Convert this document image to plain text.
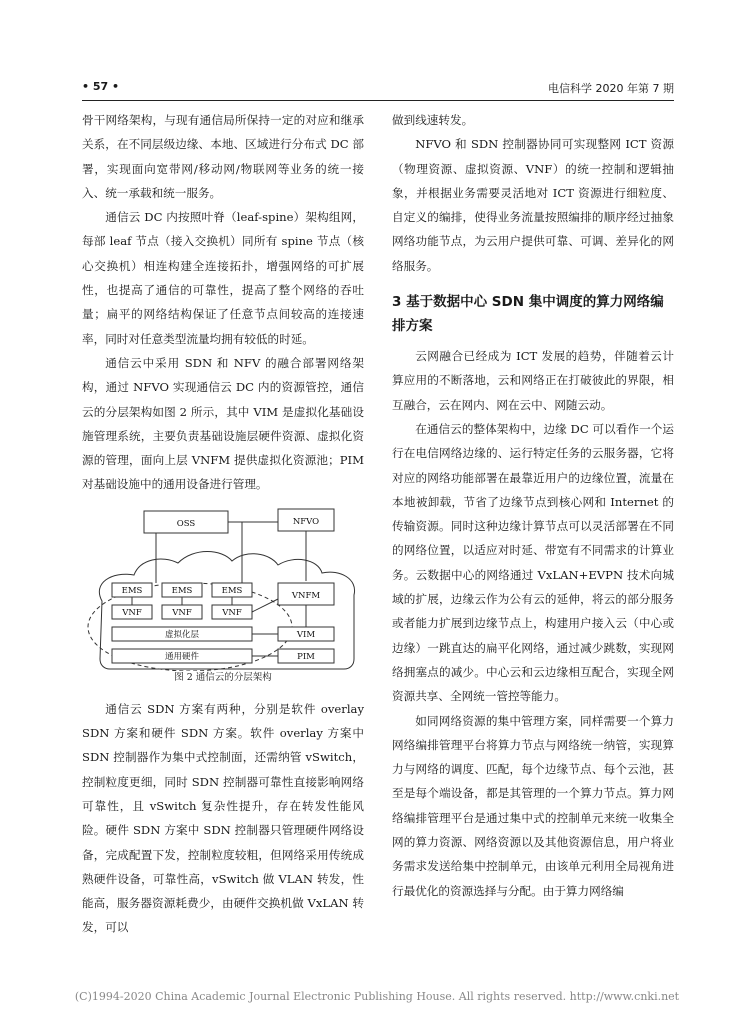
• 57 •	电信科学 2020 年第 7 期

骨干网络架构，与现有通信局所保持一定的对应和继承关系，在不同层级边缘、本地、区域进行分布式 DC 部署，实现面向宽带网/移动网/物联网等业务的统一接入、统一承载和统一服务。

通信云 DC 内按照叶脊（leaf-spine）架构组网，每部 leaf 节点（接入交换机）同所有 spine 节点（核心交换机）相连构建全连接拓扑，增强网络的可扩展性，也提高了通信的可靠性，提高了整个网络的吞吐量；扁平的网络结构保证了任意节点间较高的连接速率，同时对任意类型流量均拥有较低的时延。

通信云中采用 SDN 和 NFV 的融合部署网络架构，通过 NFVO 实现通信云 DC 内的资源管控，通信云的分层架构如图 2 所示，其中 VIM 是虚拟化基础设施管理系统，主要负责基础设施层硬件资源、虚拟化资源的管理，面向上层 VNFM 提供虚拟化资源池；PIM 对基础设施中的通用设备进行管理。

OSS	NFVO
EMS	EMS	EMS
VNF	VNF	VNF
VNFM
虚拟化层	VIM
通用硬件	PIM
图 2 通信云的分层架构

通信云 SDN 方案有两种，分别是软件 overlay SDN 方案和硬件 SDN 方案。软件 overlay 方案中 SDN 控制器作为集中式控制面，还需纳管 vSwitch，控制粒度更细，同时 SDN 控制器可靠性直接影响网络可靠性，且 vSwitch 复杂性提升，存在转发性能风险。硬件 SDN 方案中 SDN 控制器只管理硬件网络设备，完成配置下发，控制粒度较粗，但网络采用传统成熟硬件设备，可靠性高，vSwitch 做 VLAN 转发，性能高，服务器资源耗费少，由硬件交换机做 VxLAN 转发，可以

做到线速转发。

NFVO 和 SDN 控制器协同可实现整网 ICT 资源（物理资源、虚拟资源、VNF）的统一控制和逻辑抽象，并根据业务需要灵活地对 ICT 资源进行细粒度、自定义的编排，使得业务流量按照编排的顺序经过抽象网络功能节点，为云用户提供可靠、可调、差异化的网络服务。

3 基于数据中心 SDN 集中调度的算力网络编排方案

云网融合已经成为 ICT 发展的趋势，伴随着云计算应用的不断落地，云和网络正在打破彼此的界限，相互融合，云在网内、网在云中、网随云动。

在通信云的整体架构中，边缘 DC 可以看作一个运行在电信网络边缘的、运行特定任务的云服务器，它将对应的网络功能部署在最靠近用户的边缘位置，流量在本地被卸载，节省了边缘节点到核心网和 Internet 的传输资源。同时这种边缘计算节点可以灵活部署在不同的网络位置，以适应对时延、带宽有不同需求的计算业务。云数据中心的网络通过 VxLAN+EVPN 技术向城域的扩展，边缘云作为公有云的延伸，将云的部分服务或者能力扩展到边缘节点上，构建用户接入云（中心或边缘）一跳直达的扁平化网络，通过减少跳数，实现网络拥塞点的减少。中心云和云边缘相互配合，实现全网资源共享、全网统一管控等能力。

如同网络资源的集中管理方案，同样需要一个算力网络编排管理平台将算力节点与网络统一纳管，实现算力与网络的调度、匹配，每个边缘节点、每个云池，甚至是每个端设备，都是其管理的一个算力节点。算力网络编排管理平台是通过集中式的控制单元来统一收集全网的算力资源、网络资源以及其他资源信息，用户将业务需求发送给集中控制单元，由该单元利用全局视角进行最优化的资源选择与分配。由于算力网络编

(C)1994-2020 China Academic Journal Electronic Publishing House. All rights reserved. http://www.cnki.net
